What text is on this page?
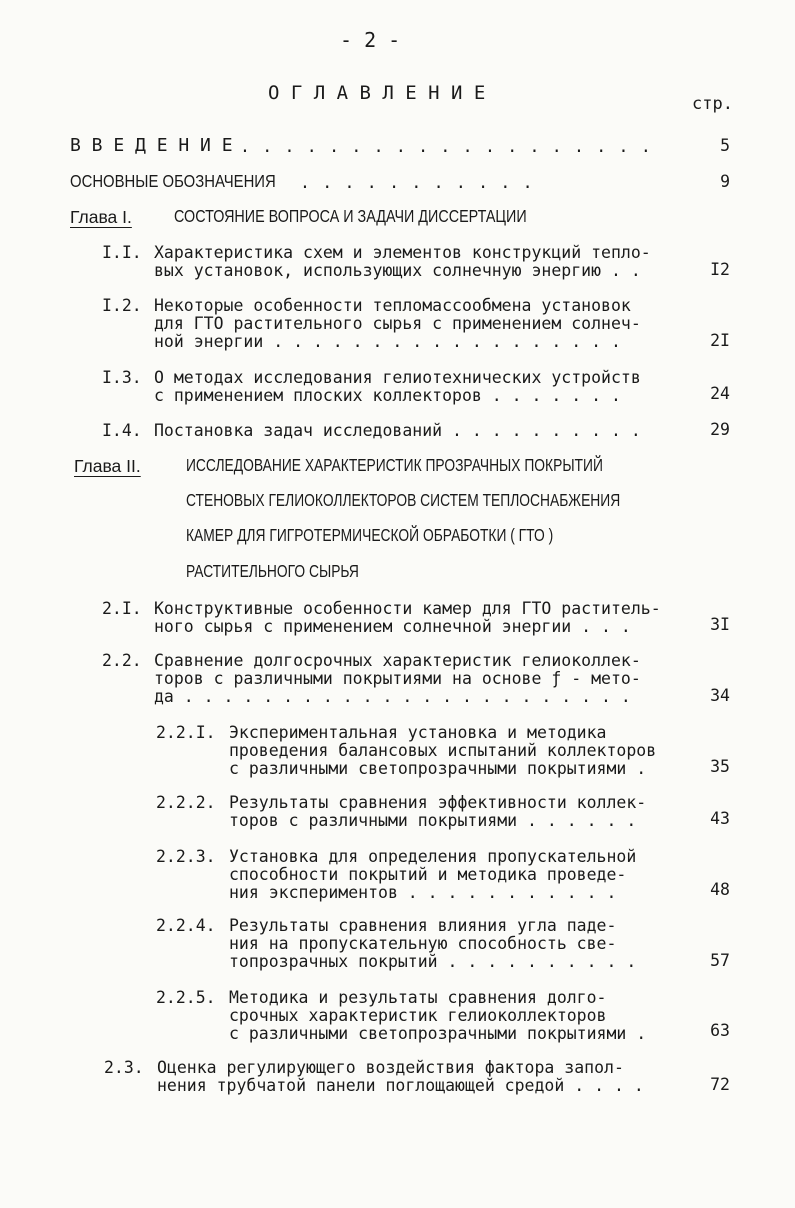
- 2 -
О Г Л А В Л Е Н И Е	стр.
В В Е Д Е Н И Е . . . . . . . . . . . . . . . . . . .	5
ОСНОВНЫЕ ОБОЗНАЧЕНИЯ . . . . . . . . . . .	9
Глава I. СОСТОЯНИЕ ВОПРОСА И ЗАДАЧИ ДИССЕРТАЦИИ
I.I. Характеристика схем и элементов конструкций тепло-
вых установок, использующих солнечную энергию . .	I2
I.2. Некоторые особенности тепломассообмена установок
для ГТО растительного сырья с применением солнеч-
ной энергии . . . . . . . . . . . . . . . . . .	2I
I.3. О методах исследования гелиотехнических устройств
с применением плоских коллекторов . . . . . . .	24
I.4. Постановка задач исследований . . . . . . . . . .	29
Глава II.	ИССЛЕДОВАНИЕ ХАРАКТЕРИСТИК ПРОЗРАЧНЫХ ПОКРЫТИЙ
СТЕНОВЫХ ГЕЛИОКОЛЛЕКТОРОВ СИСТЕМ ТЕПЛОСНАБЖЕНИЯ
КАМЕР ДЛЯ ГИГРОТЕРМИЧЕСКОЙ ОБРАБОТКИ ( ГТО )
РАСТИТЕЛЬНОГО СЫРЬЯ
2.I. Конструктивные особенности камер для ГТО раститель-
ного сырья с применением солнечной энергии . . .	3I
2.2. Сравнение долгосрочных характеристик гелиоколлек-
торов с различными покрытиями на основе ƒ - мето-
да . . . . . . . . . . . . . . . . . . . . . . .	34
2.2.I. Экспериментальная установка и методика
проведения балансовых испытаний коллекторов
с различными светопрозрачными покрытиями .	35
2.2.2. Результаты сравнения эффективности коллек-
торов с различными покрытиями . . . . . .	43
2.2.3. Установка для определения пропускательной
способности покрытий и методика проведе-
ния экспериментов . . . . . . . . . . .	48
2.2.4. Результаты сравнения влияния угла паде-
ния на пропускательную способность све-
топрозрачных покрытий . . . . . . . . . .	57
2.2.5. Методика и результаты сравнения долго-
срочных характеристик гелиоколлекторов
с различными светопрозрачными покрытиями .	63
2.3. Оценка регулирующего воздействия фактора запол-
нения трубчатой панели поглощающей средой . . . .	72
